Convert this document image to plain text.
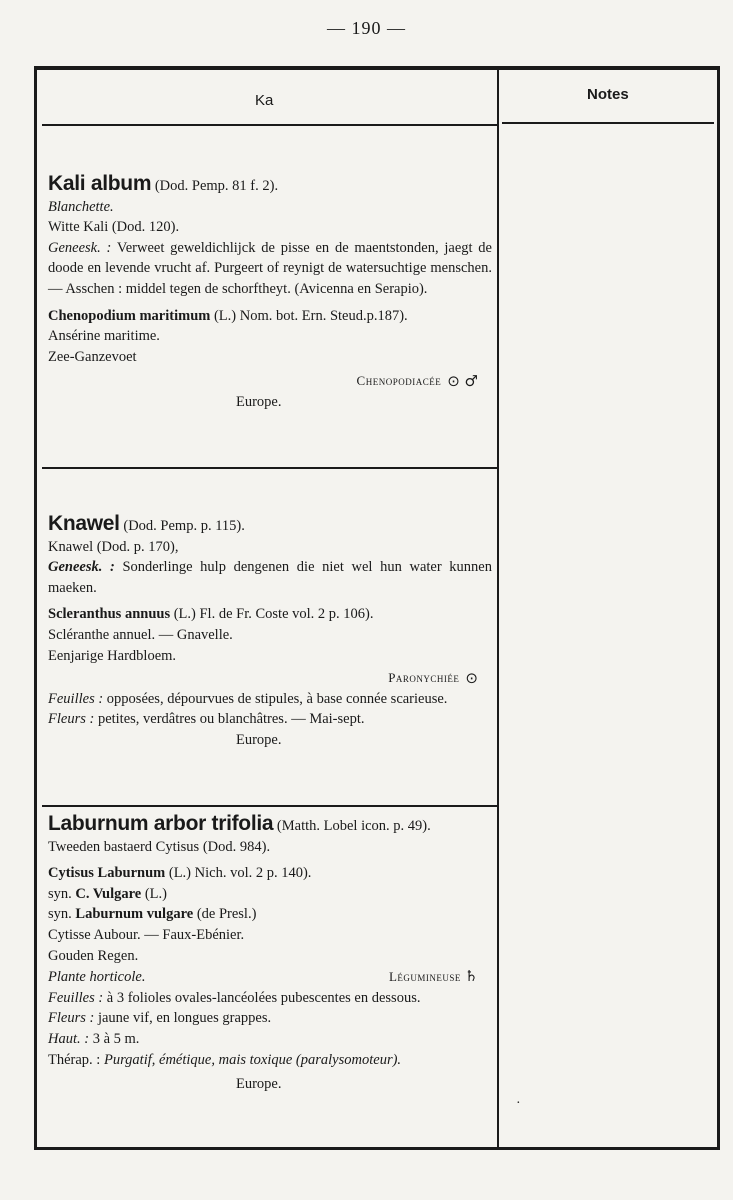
— 190 —
Ka	Notes
Kali album (Dod. Pemp. 81 f. 2).
Blanchette.
Witte Kali (Dod. 120).
Geneesk. : Verweet geweldichlijck de pisse en de maentstonden, jaegt de doode en levende vrucht af. Purgeert of reynigt de watersuchtige menschen. — Asschen : middel tegen de schorftheyt. (Avicenna en Serapio).
Chenopodium maritimum (L.) Nom. bot. Ern. Steud.p.187).
Ansérine maritime.
Zee-Ganzevoet
Chenopodiacée ⊙ ♂
Europe.
Knawel (Dod. Pemp. p. 115).
Knawel (Dod. p. 170),
Geneesk. : Sonderlinge hulp dengenen die niet wel hun water kunnen maeken.
Scleranthus annuus (L.) Fl. de Fr. Coste vol. 2 p. 106).
Scléranthe annuel. — Gnavelle.
Eenjarige Hardbloem.
Paronychiée ⊙
Feuilles : opposées, dépourvues de stipules, à base connée scarieuse.
Fleurs : petites, verdâtres ou blanchâtres. — Mai-sept.
Europe.
Laburnum arbor trifolia (Matth. Lobel icon. p. 49).
Tweeden bastaerd Cytisus (Dod. 984).
Cytisus Laburnum (L.) Nich. vol. 2 p. 140).
syn. C. Vulgare (L.)
syn. Laburnum vulgare (de Presl.)
Cytisse Aubour. — Faux-Ebénier.
Gouden Regen.
Plante horticole.	Légumineuse ♄
Feuilles : à 3 folioles ovales-lancéolées pubescentes en dessous.
Fleurs : jaune vif, en longues grappes.
Haut. : 3 à 5 m.
Thérap. : Purgatif, émétique, mais toxique (paralysomoteur).
Europe.
·
